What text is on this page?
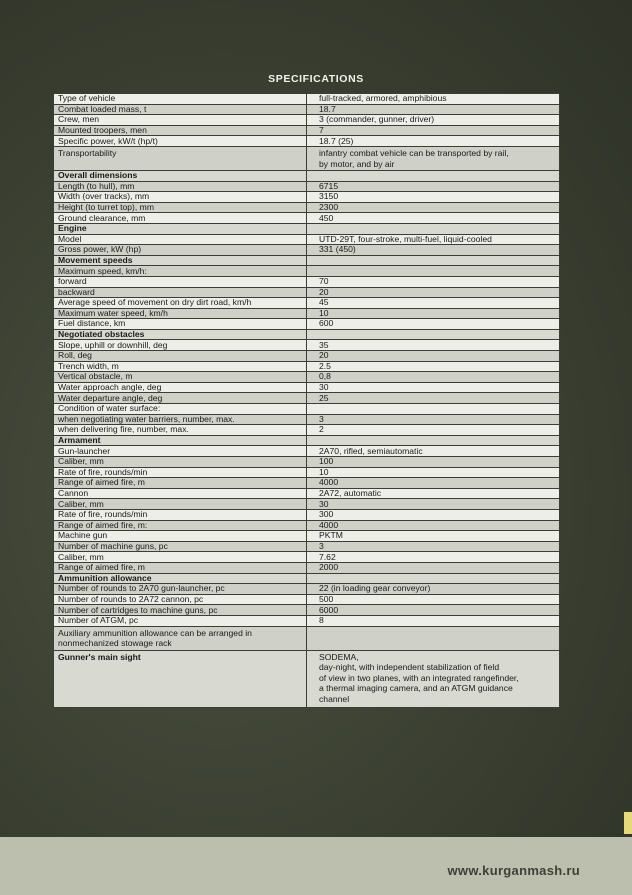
SPECIFICATIONS
Type of vehicle	full-tracked, armored, amphibious
Combat loaded mass, t	18.7
Crew, men	3 (commander, gunner, driver)
Mounted troopers, men	7
Specific power, kW/t (hp/t)	18.7 (25)
Transportability	infantry combat vehicle can be transported by rail,
by motor, and by air
Overall dimensions	
Length (to hull), mm	6715
Width (over tracks), mm	3150
Height (to turret top), mm	2300
Ground clearance, mm	450
Engine	
Model	UTD-29T, four-stroke, multi-fuel, liquid-cooled
Gross power, kW (hp)	331 (450)
Movement speeds	
Maximum speed, km/h:	
forward	70
backward	20
Average speed of movement on dry dirt road, km/h	45
Maximum water speed, km/h	10
Fuel distance, km	600
Negotiated obstacles	
Slope, uphill or downhill, deg	35
Roll, deg	20
Trench width, m	2.5
Vertical obstacle, m	0,8
Water approach angle, deg	30
Water departure angle, deg	25
Condition of water surface:	
when negotiating water barriers, number, max.	3
when delivering fire, number, max.	2
Armament	
Gun-launcher	2A70, rifled, semiautomatic
Caliber, mm	100
Rate of fire, rounds/min	10
Range of aimed fire, m	4000
Cannon	2A72, automatic
Caliber, mm	30
Rate of fire, rounds/min	300
Range of aimed fire, m:	4000
Machine gun	PKTM
Number of machine guns, pc	3
Caliber, mm	7.62
Range of aimed fire, m	2000
Ammunition allowance	
Number of rounds to 2A70 gun-launcher, pc	22 (in loading gear conveyor)
Number of rounds to 2A72 cannon, pc	500
Number of cartridges to machine guns, pc	6000
Number of ATGM, pc	8
Auxiliary ammunition allowance can be arranged in nonmechanized stowage rack	
Gunner's main sight	SODEMA,
day-night, with independent stabilization of field
of view in two planes, with an integrated rangefinder,
a thermal imaging camera, and an ATGM guidance
channel
www.kurganmash.ru
